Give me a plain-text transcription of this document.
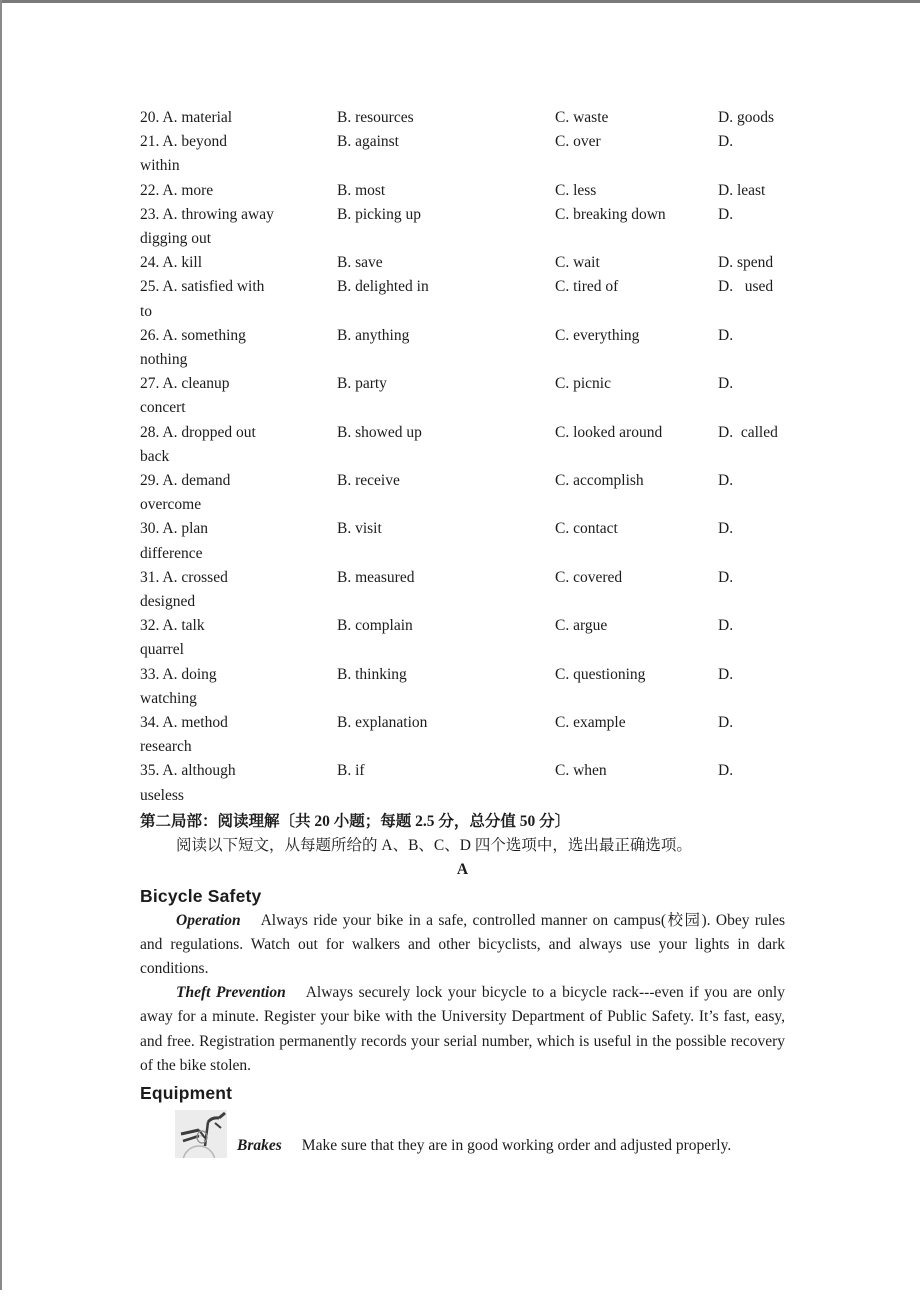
20. A. material	B. resources	C. waste	D. goods
21. A. beyond	B. against	C. over	D.
within
22. A. more	B. most	C. less	D. least
23. A. throwing away	B. picking up	C. breaking down	D.
digging out
24. A. kill	B. save	C. wait	D. spend
25. A. satisfied with	B. delighted in	C. tired of	D.   used
to
26. A. something	B. anything	C. everything	D.
nothing
27. A. cleanup	B. party	C. picnic	D.
concert
28. A. dropped out	B. showed up	C. looked around	D.  called
back
29. A. demand	B. receive	C. accomplish	D.
overcome
30. A. plan	B. visit	C. contact	D.
difference
31. A. crossed	B. measured	C. covered	D.
designed
32. A. talk	B. complain	C. argue	D.
quarrel
33. A. doing	B. thinking	C. questioning	D.
watching
34. A. method	B. explanation	C. example	D.
research
35. A. although	B. if	C. when	D.
useless
第二局部：阅读理解〔共 20 小题；每题 2.5 分，总分值 50 分〕
阅读以下短文，从每题所给的 A、B、C、D 四个选项中，选出最正确选项。
A
Bicycle Safety

Operation Always ride your bike in a safe, controlled manner on campus(校园). Obey rules and regulations. Watch out for walkers and other bicyclists, and always use your lights in dark conditions.

Theft Prevention Always securely lock your bicycle to a bicycle rack---even if you are only away for a minute. Register your bike with the University Department of Public Safety. It’s fast, easy, and free. Registration permanently records your serial number, which is useful in the possible recovery of the bike stolen.

Equipment
Brakes Make sure that they are in good working order and adjusted properly.
